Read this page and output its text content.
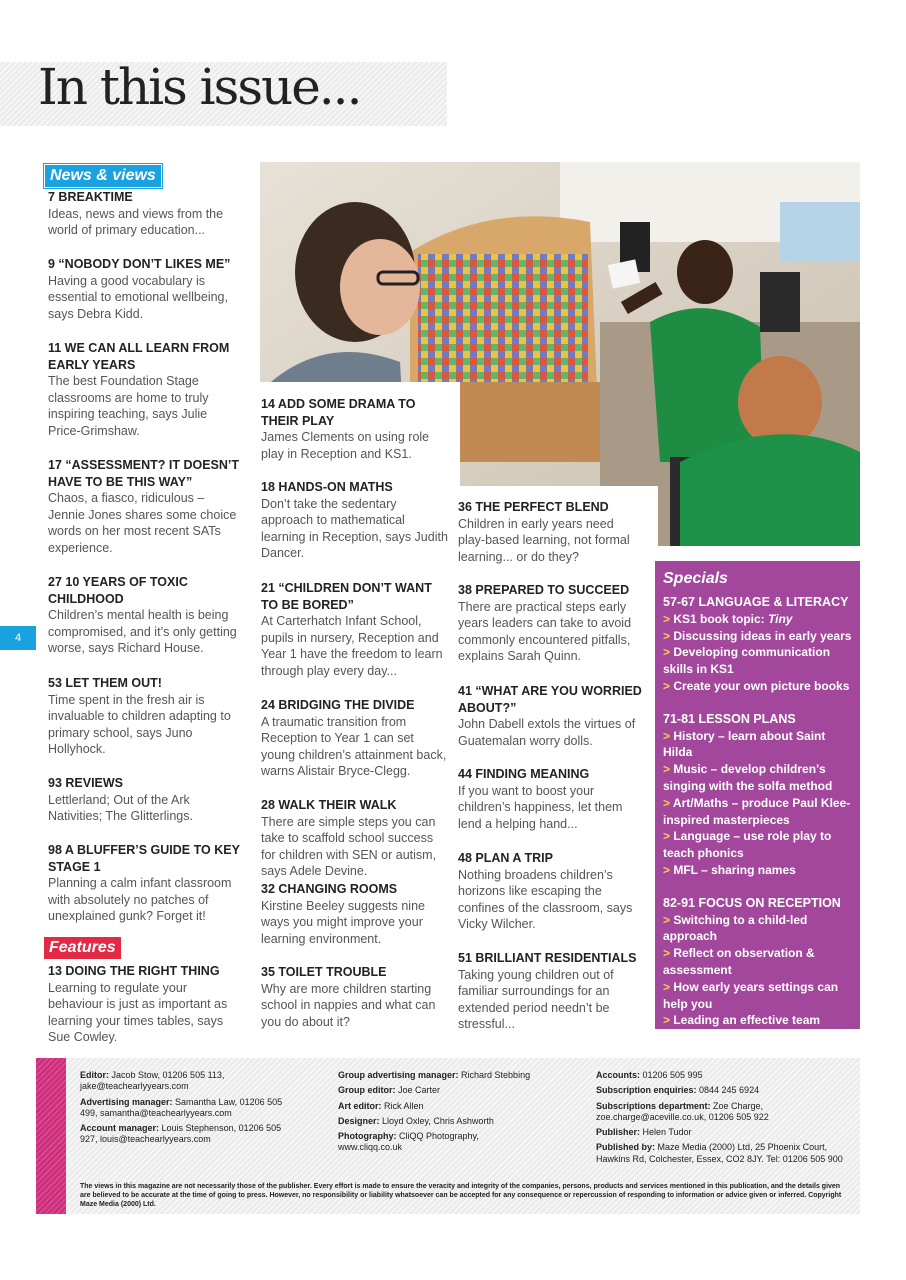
In this issue...
4
News & views
Features
7 BREAKTIME

Ideas, news and views from the world of primary education...

9 “NOBODY DON’T LIKES ME”

Having a good vocabulary is essential to emotional wellbeing, says Debra Kidd.

11 WE CAN ALL LEARN FROM EARLY YEARS

The best Foundation Stage classrooms are home to truly inspiring teaching, says Julie Price-Grimshaw.

17 “ASSESSMENT? IT DOESN’T HAVE TO BE THIS WAY”

Chaos, a fiasco, ridiculous – Jennie Jones shares some choice words on her most recent SATs experience.

27 10 YEARS OF TOXIC CHILDHOOD

Children’s mental health is being compromised, and it’s only getting worse, says Richard House.

53 LET THEM OUT!

Time spent in the fresh air is invaluable to children adapting to primary school, says Juno Hollyhock.

93 REVIEWS

Lettlerland; Out of the Ark Nativities; The Glitterlings.

98 A BLUFFER’S GUIDE TO KEY STAGE 1

Planning a calm infant classroom with absolutely no patches of unexplained gunk? Forget it!

13 DOING THE RIGHT THING

Learning to regulate your behaviour is just as important as learning your times tables, says Sue Cowley.

14 ADD SOME DRAMA TO THEIR PLAY

James Clements on using role play in Reception and KS1.

18 HANDS-ON MATHS

Don’t take the sedentary approach to mathematical learning in Reception, says Judith Dancer.

21 “CHILDREN DON’T WANT TO BE BORED”

At Carterhatch Infant School, pupils in nursery, Reception and Year 1 have the freedom to learn through play every day...

24 BRIDGING THE DIVIDE

A traumatic transition from Reception to Year 1 can set young children’s attainment back, warns Alistair Bryce-Clegg.

28 WALK THEIR WALK

There are simple steps you can take to scaffold school success for children with SEN or autism, says Adele Devine.

32 CHANGING ROOMS

Kirstine Beeley suggests nine ways you might improve your learning environment.

35 TOILET TROUBLE

Why are more children starting school in nappies and what can you do about it?

36 THE PERFECT BLEND

Children in early years need play-based learning, not formal learning... or do they?

38 PREPARED TO SUCCEED

There are practical steps early years leaders can take to avoid commonly encountered pitfalls, explains Sarah Quinn.

41 “WHAT ARE YOU WORRIED ABOUT?”

John Dabell extols the virtues of Guatemalan worry dolls.

44 FINDING MEANING

If you want to boost your children’s happiness, let them lend a helping hand...

48 PLAN A TRIP

Nothing broadens children’s horizons like escaping the confines of the classroom, says Vicky Wilcher.

51 BRILLIANT RESIDENTIALS

Taking young children out of familiar surroundings for an extended period needn’t be stressful...

Specials
57-67 LANGUAGE & LITERACY
> KS1 book topic: Tiny
> Discussing ideas in early years
> Developing communication skills in KS1
> Create your own picture books
71-81 LESSON PLANS
> History – learn about Saint Hilda
> Music – develop children’s singing with the solfa method
> Art/Maths – produce Paul Klee-inspired masterpieces
> Language – use role play to teach phonics
> MFL – sharing names
82-91 FOCUS ON RECEPTION
> Switching to a child-led approach
> Reflect on observation & assessment
> How early years settings can help you
> Leading an effective team
Editor: Jacob Stow, 01206 505 113, jake@teachearlyyears.com
Advertising manager: Samantha Law, 01206 505 499, samantha@teachearlyyears.com
Account manager: Louis Stephenson, 01206 505 927, louis@teachearlyyears.com
Group advertising manager: Richard Stebbing
Group editor: Joe Carter
Art editor: Rick Allen
Designer: Lloyd Oxley, Chris Ashworth
Photography: CliQQ Photography, www.cliqq.co.uk
Accounts: 01206 505 995
Subscription enquiries: 0844 245 6924
Subscriptions department: Zoe Charge, zoe.charge@aceville.co.uk, 01206 505 922
Publisher: Helen Tudor
Published by: Maze Media (2000) Ltd, 25 Phoenix Court, Hawkins Rd, Colchester, Essex, CO2 8JY. Tel: 01206 505 900
The views in this magazine are not necessarily those of the publisher. Every effort is made to ensure the veracity and integrity of the companies, persons, products and services mentioned in this publication, and the details given are believed to be accurate at the time of going to press. However, no responsibility or liability whatsoever can be accepted for any consequence or repercussion of responding to information or advice given or inferred. Copyright Maze Media (2000) Ltd.
